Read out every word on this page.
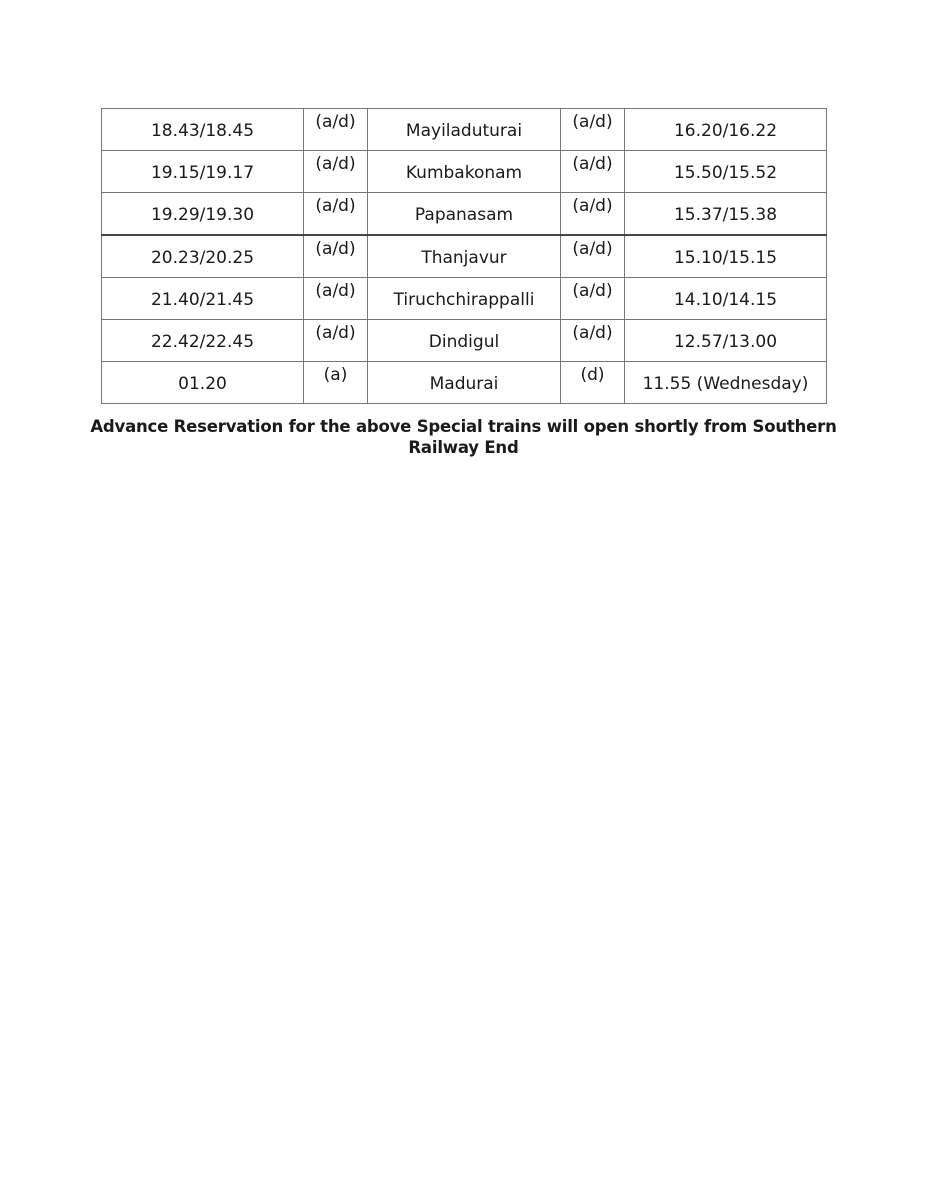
18.43/18.45	(a/d)	Mayiladuturai	(a/d)	16.20/16.22
19.15/19.17	(a/d)	Kumbakonam	(a/d)	15.50/15.52
19.29/19.30	(a/d)	Papanasam	(a/d)	15.37/15.38
20.23/20.25	(a/d)	Thanjavur	(a/d)	15.10/15.15
21.40/21.45	(a/d)	Tiruchchirappalli	(a/d)	14.10/14.15
22.42/22.45	(a/d)	Dindigul	(a/d)	12.57/13.00
01.20	(a)	Madurai	(d)	11.55 (Wednesday)
Advance Reservation for the above Special trains will open shortly from Southern
Railway End
